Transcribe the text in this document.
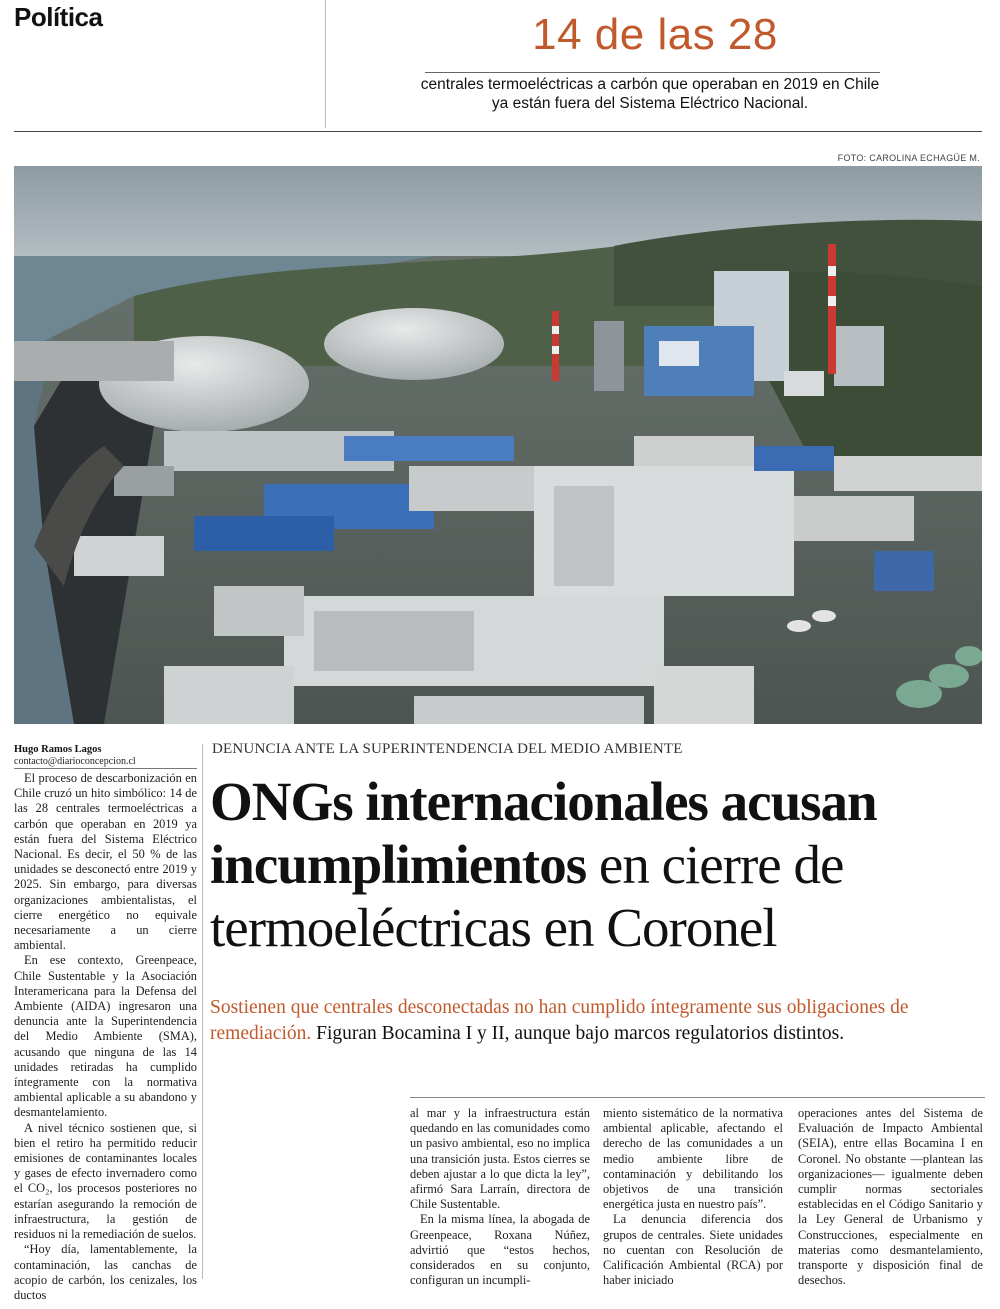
Política	14 de las 28
centrales termoeléctricas a carbón que operaban en 2019 en Chile
ya están fuera del Sistema Eléctrico Nacional.
FOTO: CAROLINA ECHAGÜE M.
Hugo Ramos Lagos
contacto@diarioconcepcion.cl

El proceso de descarbonización en Chile cruzó un hito simbólico: 14 de las 28 centrales termoeléctricas a carbón que operaban en 2019 ya están fuera del Sistema Eléctrico Nacional. Es decir, el 50 % de las unidades se desconectó entre 2019 y 2025. Sin embargo, para diversas organizaciones ambientalistas, el cierre energético no equivale necesariamente a un cierre ambiental.

En ese contexto, Greenpeace, Chile Sustentable y la Asociación Interamericana para la Defensa del Ambiente (AIDA) ingresaron una denuncia ante la Superintendencia del Medio Ambiente (SMA), acusando que ninguna de las 14 unidades retiradas ha cumplido íntegramente con la normativa ambiental aplicable a su abandono y desmantelamiento.

A nivel técnico sostienen que, si bien el retiro ha permitido reducir emisiones de contaminantes locales y gases de efecto invernadero como el CO₂, los procesos posteriores no estarían asegurando la remoción de infraestructura, la gestión de residuos ni la remediación de suelos.

“Hoy día, lamentablemente, la contaminación, las canchas de acopio de carbón, los cenizales, los ductos

DENUNCIA ANTE LA SUPERINTENDENCIA DEL MEDIO AMBIENTE
ONGs internacionales acusan incumplimientos en cierre de termoeléctricas en Coronel
Sostienen que centrales desconectadas no han cumplido íntegramente sus obligaciones de remediación. Figuran Bocamina I y II, aunque bajo marcos regulatorios distintos.

al mar y la infraestructura están quedando en las comunidades como un pasivo ambiental, eso no implica una transición justa. Estos cierres se deben ajustar a lo que dicta la ley”, afirmó Sara Larraín, directora de Chile Sustentable.

En la misma línea, la abogada de Greenpeace, Roxana Núñez, advirtió que “estos hechos, considerados en su conjunto, configuran un incumpli-

miento sistemático de la normativa ambiental aplicable, afectando el derecho de las comunidades a un medio ambiente libre de contaminación y debilitando los objetivos de una transición energética justa en nuestro país”.

La denuncia diferencia dos grupos de centrales. Siete unidades no cuentan con Resolución de Calificación Ambiental (RCA) por haber iniciado

operaciones antes del Sistema de Evaluación de Impacto Ambiental (SEIA), entre ellas Bocamina I en Coronel. No obstante —plantean las organizaciones— igualmente deben cumplir normas sectoriales establecidas en el Código Sanitario y la Ley General de Urbanismo y Construcciones, especialmente en materias como desmantelamiento, transporte y disposición final de desechos.
